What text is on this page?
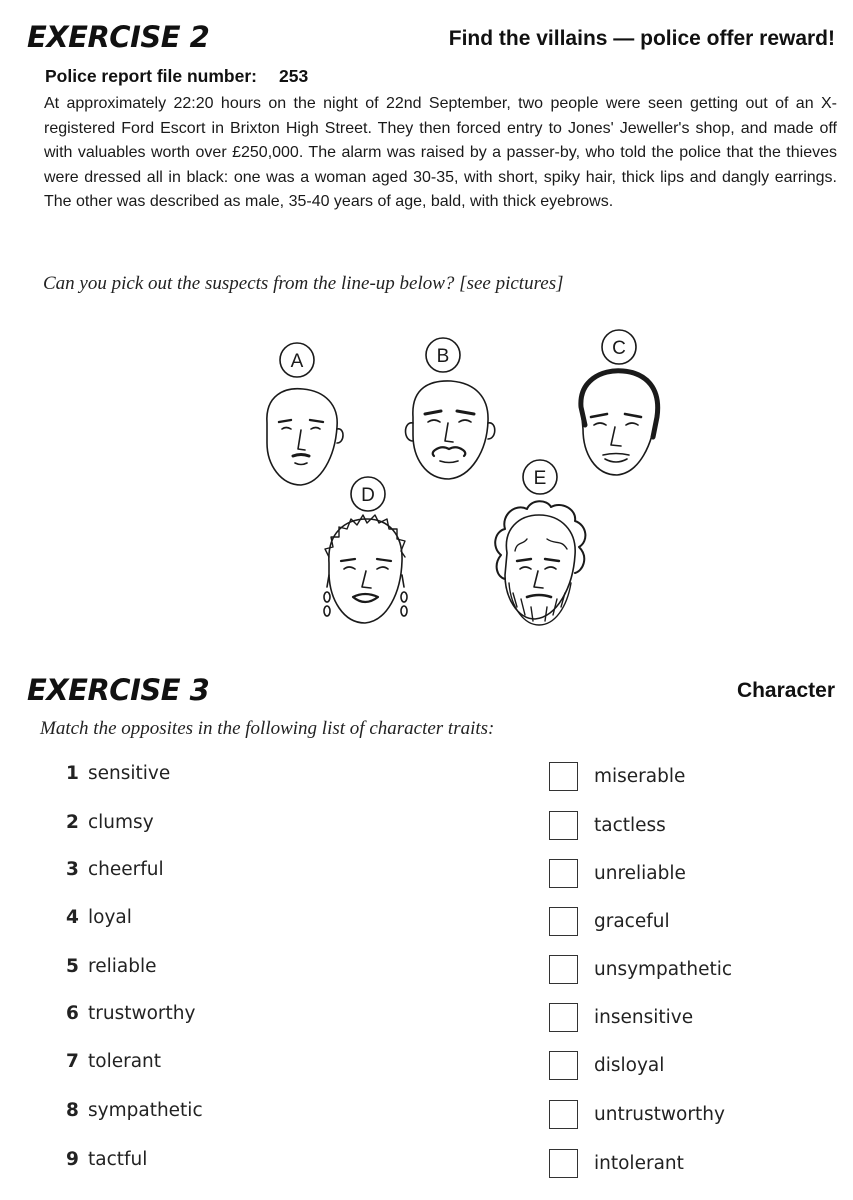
EXERCISE 2	Find the villains — police offer reward!
Police report file number: 253
At approximately 22:20 hours on the night of 22nd September, two people were seen getting out of an X-registered Ford Escort in Brixton High Street. They then forced entry to Jones' Jeweller's shop, and made off with valuables worth over £250,000. The alarm was raised by a passer-by, who told the police that the thieves were dressed all in black: one was a woman aged 30-35, with short, spiky hair, thick lips and dangly earrings. The other was described as male, 35-40 years of age, bald, with thick eyebrows.
Can you pick out the suspects from the line-up below? [see pictures]
A	B	C
D
E
EXERCISE 3	Character
Match the opposites in the following list of character traits:
1 sensitive
2 clumsy
3 cheerful
4 loyal
5 reliable
6 trustworthy
7 tolerant
8 sympathetic
9 tactful
miserable
tactless
unreliable
graceful
unsympathetic
insensitive
disloyal
untrustworthy
intolerant
